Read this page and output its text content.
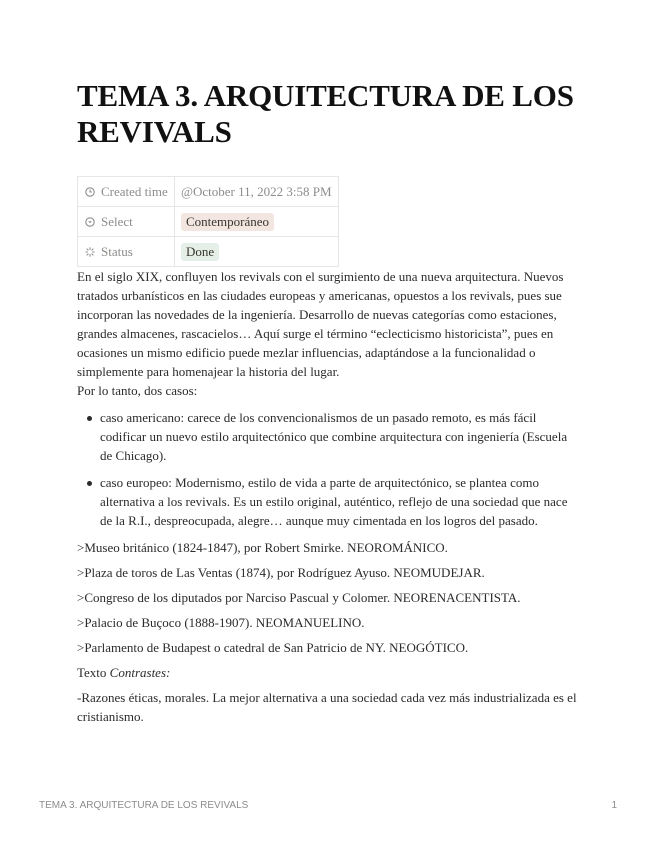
TEMA 3. ARQUITECTURA DE LOS REVIVALS
Created time	@October 11, 2022 3:58 PM
Select	Contemporáneo
Status	Done

En el siglo XIX, confluyen los revivals con el surgimiento de una nueva arquitectura. Nuevos tratados urbanísticos en las ciudades europeas y americanas, opuestos a los revivals, pues sue incorporan las novedades de la ingeniería. Desarrollo de nuevas categorías como estaciones, grandes almacenes, rascacielos… Aquí surge el término “eclecticismo historicista”, pues en ocasiones un mismo edificio puede mezlar influencias, adaptándose a la funcionalidad o simplemente para homenajear la historia del lugar.

Por lo tanto, dos casos:

caso americano: carece de los convencionalismos de un pasado remoto, es más fácil codificar un nuevo estilo arquitectónico que combine arquitectura con ingeniería (Escuela de Chicago).
caso europeo: Modernismo, estilo de vida a parte de arquitectónico, se plantea como alternativa a los revivals. Es un estilo original, auténtico, reflejo de una sociedad que nace de la R.I., despreocupada, alegre… aunque muy cimentada en los logros del pasado.

>Museo británico (1824-1847), por Robert Smirke. NEOROMÁNICO.

>Plaza de toros de Las Ventas (1874), por Rodríguez Ayuso. NEOMUDEJAR.

>Congreso de los diputados por Narciso Pascual y Colomer. NEORENACENTISTA.

>Palacio de Buçoco (1888-1907). NEOMANUELINO.

>Parlamento de Budapest o catedral de San Patricio de NY. NEOGÓTICO.

Texto Contrastes:

-Razones éticas, morales. La mejor alternativa a una sociedad cada vez más industrializada es el cristianismo.

TEMA 3. ARQUITECTURA DE LOS REVIVALS	1
